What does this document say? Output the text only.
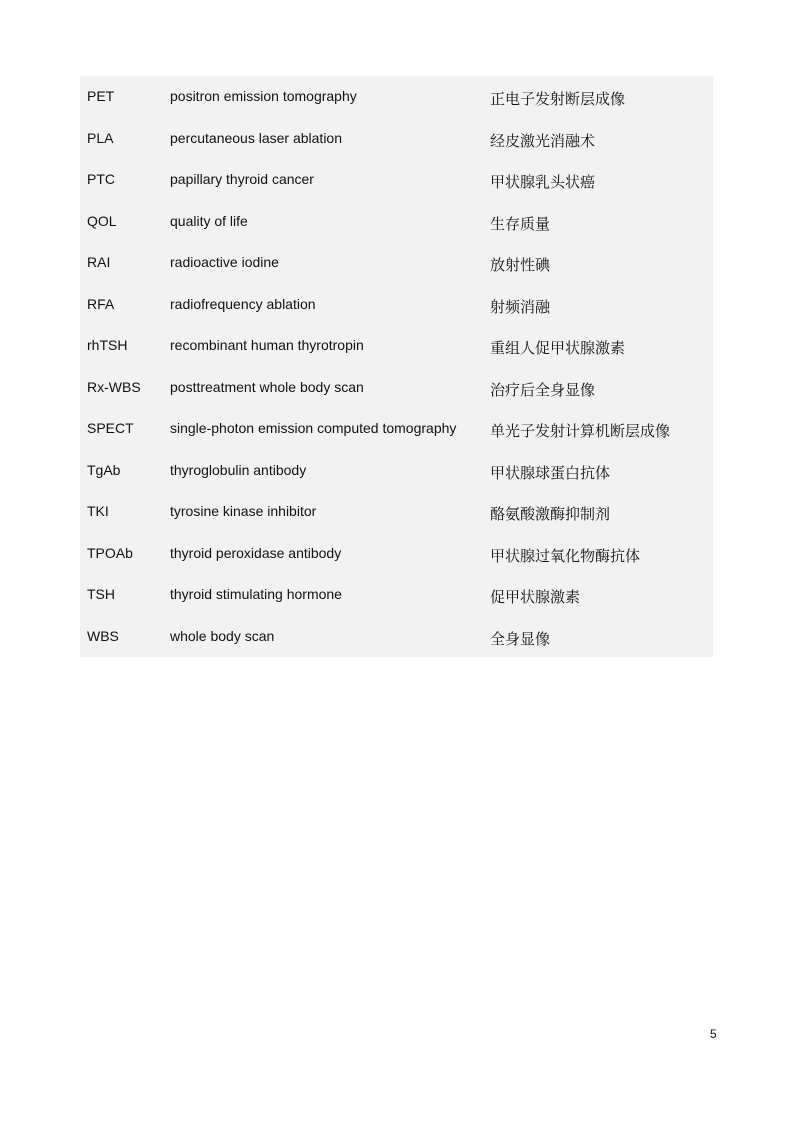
PET	positron emission tomography	正电子发射断层成像
PLA	percutaneous laser ablation	经皮激光消融术
PTC	papillary thyroid cancer	甲状腺乳头状癌
QOL	quality of life	生存质量
RAI	radioactive iodine	放射性碘
RFA	radiofrequency ablation	射频消融
rhTSH	recombinant human thyrotropin	重组人促甲状腺激素
Rx-WBS posttreatment whole body scan	治疗后全身显像
SPECT	single-photon emission computed tomography 单光子发射计算机断层成像
TgAb	thyroglobulin antibody	甲状腺球蛋白抗体
TKI	tyrosine kinase inhibitor	酪氨酸激酶抑制剂
TPOAb	thyroid peroxidase antibody	甲状腺过氧化物酶抗体
TSH	thyroid stimulating hormone	促甲状腺激素
WBS	whole body scan	全身显像
5
